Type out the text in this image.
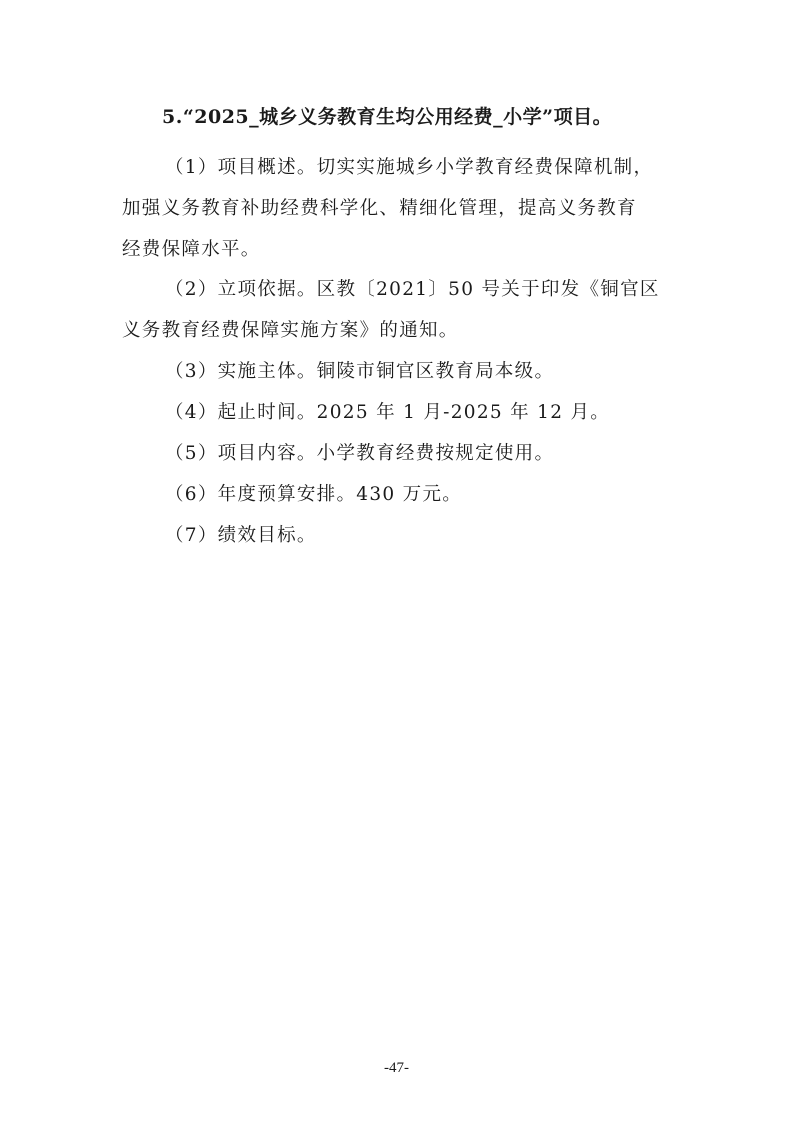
5.“2025_城乡义务教育生均公用经费_小学”项目。
（1）项目概述。切实实施城乡小学教育经费保障机制，
加强义务教育补助经费科学化、精细化管理，提高义务教育
经费保障水平。
（2）立项依据。区教〔2021〕50 号关于印发《铜官区
义务教育经费保障实施方案》的通知。
（3）实施主体。铜陵市铜官区教育局本级。
（4）起止时间。2025 年 1 月-2025 年 12 月。
（5）项目内容。小学教育经费按规定使用。
（6）年度预算安排。430 万元。
（7）绩效目标。
-47-
